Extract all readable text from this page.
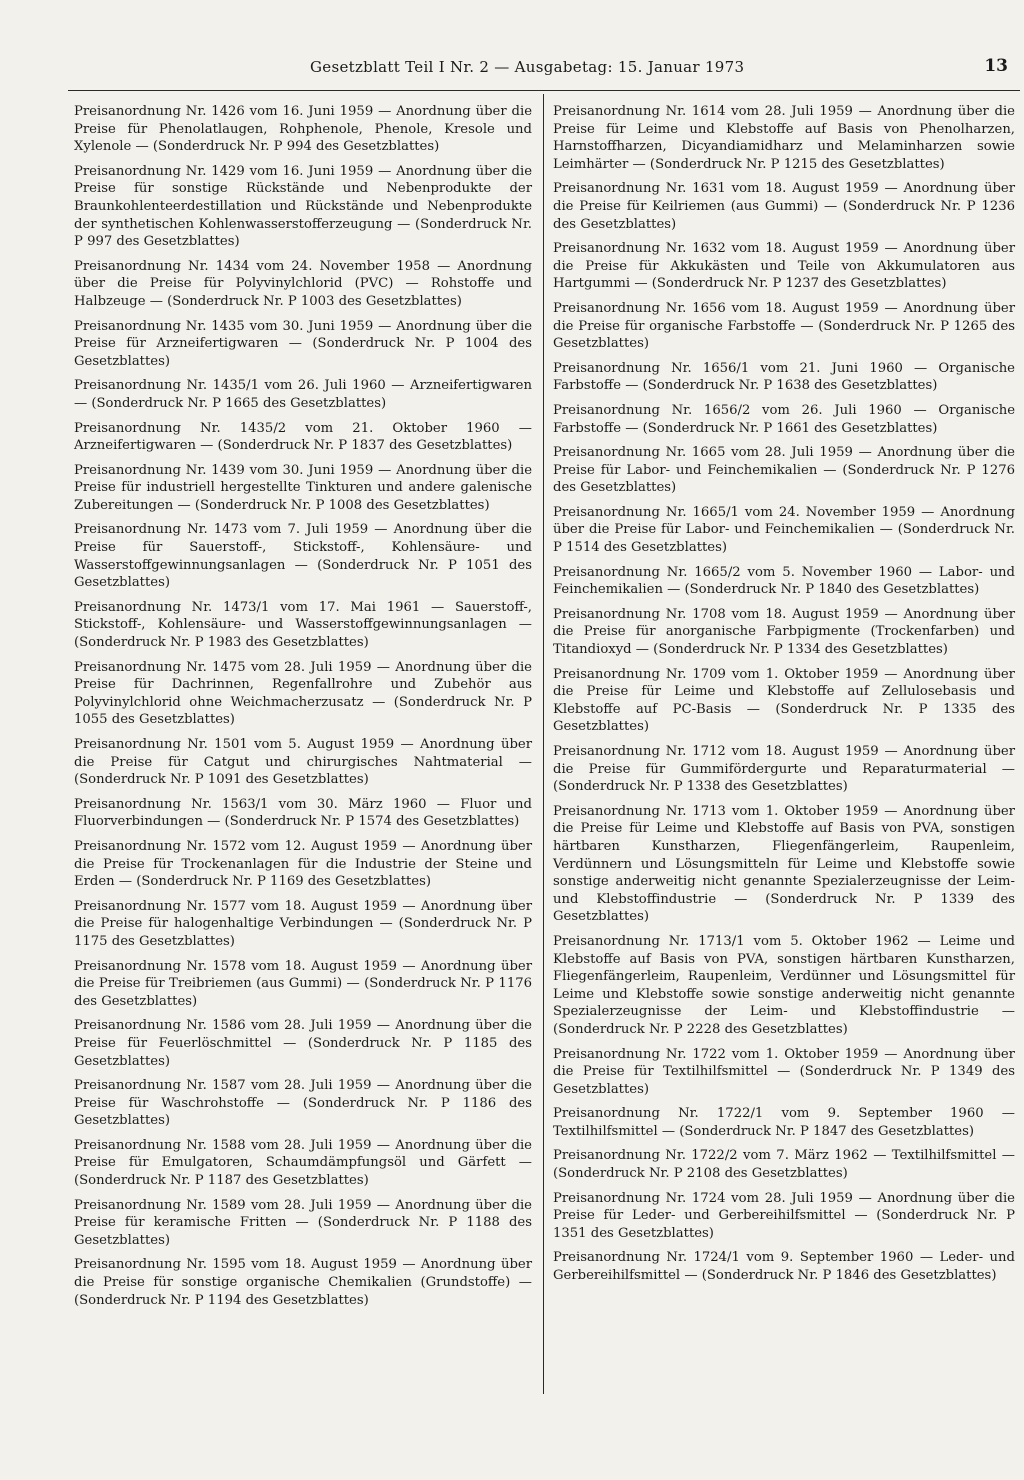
Gesetzblatt Teil I Nr. 2 — Ausgabetag: 15. Januar 1973	13

Preisanordnung Nr. 1426 vom 16. Juni 1959 — Anordnung über die Preise für Phenolatlaugen, Rohphenole, Phenole, Kresole und Xylenole — (Sonderdruck Nr. P 994 des Gesetzblattes)

Preisanordnung Nr. 1429 vom 16. Juni 1959 — Anordnung über die Preise für sonstige Rückstände und Nebenprodukte der Braunkohlenteerdestillation und Rückstände und Nebenprodukte der synthetischen Kohlenwasserstofferzeugung — (Sonderdruck Nr. P 997 des Gesetzblattes)

Preisanordnung Nr. 1434 vom 24. November 1958 — Anordnung über die Preise für Polyvinylchlorid (PVC) — Rohstoffe und Halbzeuge — (Sonderdruck Nr. P 1003 des Gesetzblattes)

Preisanordnung Nr. 1435 vom 30. Juni 1959 — Anordnung über die Preise für Arzneifertigwaren — (Sonderdruck Nr. P 1004 des Gesetzblattes)

Preisanordnung Nr. 1435/1 vom 26. Juli 1960 — Arzneifertigwaren — (Sonderdruck Nr. P 1665 des Gesetzblattes)

Preisanordnung Nr. 1435/2 vom 21. Oktober 1960 — Arzneifertigwaren — (Sonderdruck Nr. P 1837 des Gesetzblattes)

Preisanordnung Nr. 1439 vom 30. Juni 1959 — Anordnung über die Preise für industriell hergestellte Tinkturen und andere galenische Zubereitungen — (Sonderdruck Nr. P 1008 des Gesetzblattes)

Preisanordnung Nr. 1473 vom 7. Juli 1959 — Anordnung über die Preise für Sauerstoff-, Stickstoff-, Kohlensäure- und Wasserstoffgewinnungsanlagen — (Sonderdruck Nr. P 1051 des Gesetzblattes)

Preisanordnung Nr. 1473/1 vom 17. Mai 1961 — Sauerstoff-, Stickstoff-, Kohlensäure- und Wasserstoffgewinnungsanlagen — (Sonderdruck Nr. P 1983 des Gesetzblattes)

Preisanordnung Nr. 1475 vom 28. Juli 1959 — Anordnung über die Preise für Dachrinnen, Regenfallrohre und Zubehör aus Polyvinylchlorid ohne Weichmacherzusatz — (Sonderdruck Nr. P 1055 des Gesetzblattes)

Preisanordnung Nr. 1501 vom 5. August 1959 — Anordnung über die Preise für Catgut und chirurgisches Nahtmaterial — (Sonderdruck Nr. P 1091 des Gesetzblattes)

Preisanordnung Nr. 1563/1 vom 30. März 1960 — Fluor und Fluorverbindungen — (Sonderdruck Nr. P 1574 des Gesetzblattes)

Preisanordnung Nr. 1572 vom 12. August 1959 — Anordnung über die Preise für Trockenanlagen für die Industrie der Steine und Erden — (Sonderdruck Nr. P 1169 des Gesetzblattes)

Preisanordnung Nr. 1577 vom 18. August 1959 — Anordnung über die Preise für halogenhaltige Verbindungen — (Sonderdruck Nr. P 1175 des Gesetzblattes)

Preisanordnung Nr. 1578 vom 18. August 1959 — Anordnung über die Preise für Treibriemen (aus Gummi) — (Sonderdruck Nr. P 1176 des Gesetzblattes)

Preisanordnung Nr. 1586 vom 28. Juli 1959 — Anordnung über die Preise für Feuerlöschmittel — (Sonderdruck Nr. P 1185 des Gesetzblattes)

Preisanordnung Nr. 1587 vom 28. Juli 1959 — Anordnung über die Preise für Waschrohstoffe — (Sonderdruck Nr. P 1186 des Gesetzblattes)

Preisanordnung Nr. 1588 vom 28. Juli 1959 — Anordnung über die Preise für Emulgatoren, Schaumdämpfungsöl und Gärfett — (Sonderdruck Nr. P 1187 des Gesetzblattes)

Preisanordnung Nr. 1589 vom 28. Juli 1959 — Anordnung über die Preise für keramische Fritten — (Sonderdruck Nr. P 1188 des Gesetzblattes)

Preisanordnung Nr. 1595 vom 18. August 1959 — Anordnung über die Preise für sonstige organische Chemikalien (Grundstoffe) — (Sonderdruck Nr. P 1194 des Gesetzblattes)

Preisanordnung Nr. 1614 vom 28. Juli 1959 — Anordnung über die Preise für Leime und Klebstoffe auf Basis von Phenolharzen, Harnstoffharzen, Dicyandiamidharz und Melaminharzen sowie Leimhärter — (Sonderdruck Nr. P 1215 des Gesetzblattes)

Preisanordnung Nr. 1631 vom 18. August 1959 — Anordnung über die Preise für Keilriemen (aus Gummi) — (Sonderdruck Nr. P 1236 des Gesetzblattes)

Preisanordnung Nr. 1632 vom 18. August 1959 — Anordnung über die Preise für Akkukästen und Teile von Akkumulatoren aus Hartgummi — (Sonderdruck Nr. P 1237 des Gesetzblattes)

Preisanordnung Nr. 1656 vom 18. August 1959 — Anordnung über die Preise für organische Farbstoffe — (Sonderdruck Nr. P 1265 des Gesetzblattes)

Preisanordnung Nr. 1656/1 vom 21. Juni 1960 — Organische Farbstoffe — (Sonderdruck Nr. P 1638 des Gesetzblattes)

Preisanordnung Nr. 1656/2 vom 26. Juli 1960 — Organische Farbstoffe — (Sonderdruck Nr. P 1661 des Gesetzblattes)

Preisanordnung Nr. 1665 vom 28. Juli 1959 — Anordnung über die Preise für Labor- und Feinchemikalien — (Sonderdruck Nr. P 1276 des Gesetzblattes)

Preisanordnung Nr. 1665/1 vom 24. November 1959 — Anordnung über die Preise für Labor- und Feinchemikalien — (Sonderdruck Nr. P 1514 des Gesetzblattes)

Preisanordnung Nr. 1665/2 vom 5. November 1960 — Labor- und Feinchemikalien — (Sonderdruck Nr. P 1840 des Gesetzblattes)

Preisanordnung Nr. 1708 vom 18. August 1959 — Anordnung über die Preise für anorganische Farbpigmente (Trockenfarben) und Titandioxyd — (Sonderdruck Nr. P 1334 des Gesetzblattes)

Preisanordnung Nr. 1709 vom 1. Oktober 1959 — Anordnung über die Preise für Leime und Klebstoffe auf Zellulosebasis und Klebstoffe auf PC-Basis — (Sonderdruck Nr. P 1335 des Gesetzblattes)

Preisanordnung Nr. 1712 vom 18. August 1959 — Anordnung über die Preise für Gummifördergurte und Reparaturmaterial — (Sonderdruck Nr. P 1338 des Gesetzblattes)

Preisanordnung Nr. 1713 vom 1. Oktober 1959 — Anordnung über die Preise für Leime und Klebstoffe auf Basis von PVA, sonstigen härtbaren Kunstharzen, Fliegenfängerleim, Raupenleim, Verdünnern und Lösungsmitteln für Leime und Klebstoffe sowie sonstige anderweitig nicht genannte Spezialerzeugnisse der Leim- und Klebstoffindustrie — (Sonderdruck Nr. P 1339 des Gesetzblattes)

Preisanordnung Nr. 1713/1 vom 5. Oktober 1962 — Leime und Klebstoffe auf Basis von PVA, sonstigen härtbaren Kunstharzen, Fliegenfängerleim, Raupenleim, Verdünner und Lösungsmittel für Leime und Klebstoffe sowie sonstige anderweitig nicht genannte Spezialerzeugnisse der Leim- und Klebstoffindustrie — (Sonderdruck Nr. P 2228 des Gesetzblattes)

Preisanordnung Nr. 1722 vom 1. Oktober 1959 — Anordnung über die Preise für Textilhilfsmittel — (Sonderdruck Nr. P 1349 des Gesetzblattes)

Preisanordnung Nr. 1722/1 vom 9. September 1960 — Textilhilfsmittel — (Sonderdruck Nr. P 1847 des Gesetzblattes)

Preisanordnung Nr. 1722/2 vom 7. März 1962 — Textilhilfsmittel — (Sonderdruck Nr. P 2108 des Gesetzblattes)

Preisanordnung Nr. 1724 vom 28. Juli 1959 — Anordnung über die Preise für Leder- und Gerbereihilfsmittel — (Sonderdruck Nr. P 1351 des Gesetzblattes)

Preisanordnung Nr. 1724/1 vom 9. September 1960 — Leder- und Gerbereihilfsmittel — (Sonderdruck Nr. P 1846 des Gesetzblattes)
